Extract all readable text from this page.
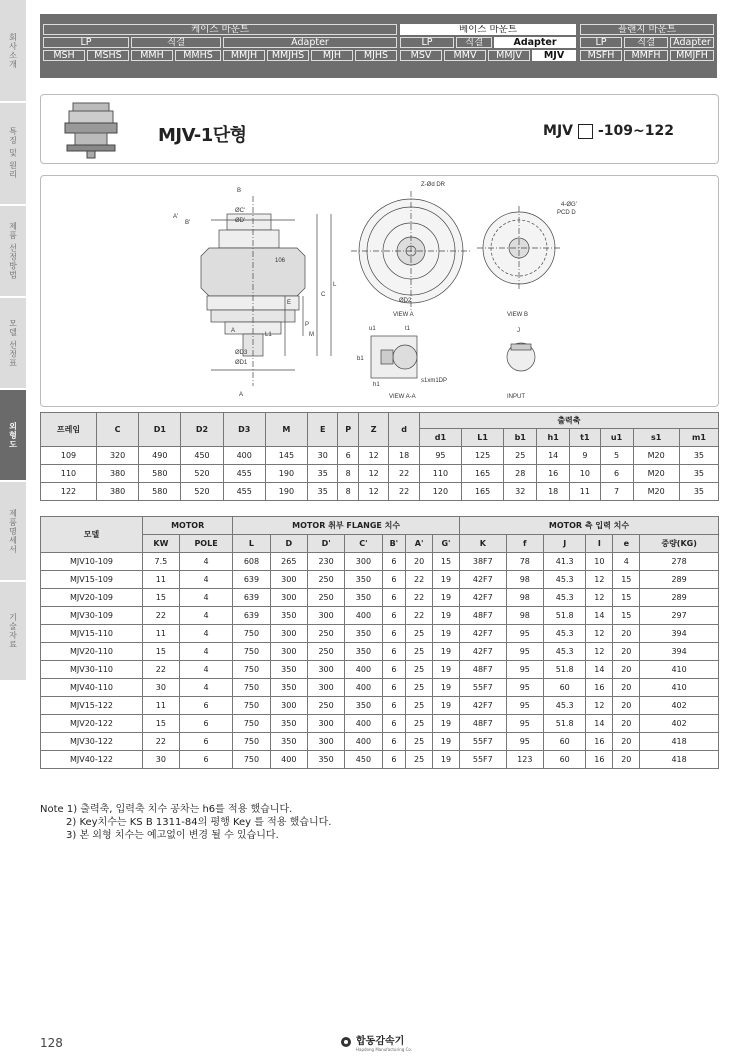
회사소개
특징 및 원리
제품 선정방법
모델 선정표
외형도
제품명세서
기술자료
케이스 마운트	베이스 마운트	플랜지 마운트
LP	직결	Adapter	LP	직결	Adapter	LP	직결	Adapter
MSH	MSHS	MMH	MMHS	MMJH	MMJHS	MJH	MJHS	MSV	MMV	MMJV	MJV	MSFH	MMFH	MMJFH
MJV-1단형	MJV -109~122
B
ØC'
ØD'
A'
B'
106
E
C
L
P
M
ØD3
ØD1
A
L1
A
Z-Ød DR
ØD2
VIEW A
4-ØG'
PCD D
VIEW B
u1	t1
b1
h1
s1xm1DP
VIEW A-A
J
INPUT
프레임	C	D1	D2	D3	M	E	P	Z	d	출력축							
										d1	L1	b1	h1	t1	u1	s1	m1
109	320	490	450	400	145	30	6	12	18	95	125	25	14	9	5	M20	35
110	380	580	520	455	190	35	8	12	22	110	165	28	16	10	6	M20	35
122	380	580	520	455	190	35	8	12	22	120	165	32	18	11	7	M20	35
모델	MOTOR		MOTOR 취부 FLANGE 치수							MOTOR 측 입력 치수					
	KW	POLE	L	D	D'	C'	B'	A'	G'	K	f	J	I	e	중량(KG)
MJV10-109	7.5	4	608	265	230	300	6	20	15	38F7	78	41.3	10	4	278
MJV15-109	11	4	639	300	250	350	6	22	19	42F7	98	45.3	12	15	289
MJV20-109	15	4	639	300	250	350	6	22	19	42F7	98	45.3	12	15	289
MJV30-109	22	4	639	350	300	400	6	22	19	48F7	98	51.8	14	15	297
MJV15-110	11	4	750	300	250	350	6	25	19	42F7	95	45.3	12	20	394
MJV20-110	15	4	750	300	250	350	6	25	19	42F7	95	45.3	12	20	394
MJV30-110	22	4	750	350	300	400	6	25	19	48F7	95	51.8	14	20	410
MJV40-110	30	4	750	350	300	400	6	25	19	55F7	95	60	16	20	410
MJV15-122	11	6	750	300	250	350	6	25	19	42F7	95	45.3	12	20	402
MJV20-122	15	6	750	350	300	400	6	25	19	48F7	95	51.8	14	20	402
MJV30-122	22	6	750	350	300	400	6	25	19	55F7	95	60	16	20	418
MJV40-122	30	6	750	400	350	450	6	25	19	55F7	123	60	16	20	418
Note 1) 출력축, 입력축 치수 공차는 h6를 적용 했습니다.
2) Key치수는 KS B 1311-84의 평행 Key 를 적용 했습니다.
3) 본 외형 치수는 예고없이 변경 될 수 있습니다.
128	합동감속기
Hapdong Manufacturing Co.
